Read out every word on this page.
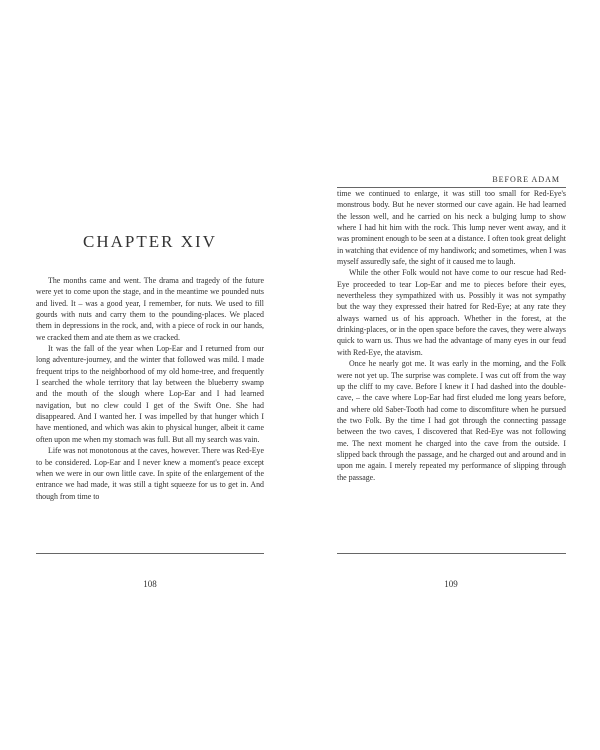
BEFORE ADAM
CHAPTER XIV

The months came and went. The drama and tragedy of the future were yet to come upon the stage, and in the meantime we pounded nuts and lived. It – was a good year, I remember, for nuts. We used to fill gourds with nuts and carry them to the pounding-places. We placed them in depressions in the rock, and, with a piece of rock in our hands, we cracked them and ate them as we cracked.

It was the fall of the year when Lop-Ear and I returned from our long adventure-journey, and the winter that followed was mild. I made frequent trips to the neighborhood of my old home-tree, and frequently I searched the whole territory that lay between the blueberry swamp and the mouth of the slough where Lop-Ear and I had learned navigation, but no clew could I get of the Swift One. She had disappeared. And I wanted her. I was impelled by that hunger which I have mentioned, and which was akin to physical hunger, albeit it came often upon me when my stomach was full. But all my search was vain.

Life was not monotonous at the caves, however. There was Red-Eye to be considered. Lop-Ear and I never knew a moment's peace except when we were in our own little cave. In spite of the enlargement of the entrance we had made, it was still a tight squeeze for us to get in. And though from time to

time we continued to enlarge, it was still too small for Red-Eye's monstrous body. But he never stormed our cave again. He had learned the lesson well, and he carried on his neck a bulging lump to show where I had hit him with the rock. This lump never went away, and it was prominent enough to be seen at a distance. I often took great delight in watching that evidence of my handiwork; and sometimes, when I was myself assuredly safe, the sight of it caused me to laugh.

While the other Folk would not have come to our rescue had Red-Eye proceeded to tear Lop-Ear and me to pieces before their eyes, nevertheless they sympathized with us. Possibly it was not sympathy but the way they expressed their hatred for Red-Eye; at any rate they always warned us of his approach. Whether in the forest, at the drinking-places, or in the open space before the caves, they were always quick to warn us. Thus we had the advantage of many eyes in our feud with Red-Eye, the atavism.

Once he nearly got me. It was early in the morning, and the Folk were not yet up. The surprise was complete. I was cut off from the way up the cliff to my cave. Before I knew it I had dashed into the double-cave, – the cave where Lop-Ear had first eluded me long years before, and where old Saber-Tooth had come to discomfiture when he pursued the two Folk. By the time I had got through the connecting passage between the two caves, I discovered that Red-Eye was not following me. The next moment he charged into the cave from the outside. I slipped back through the passage, and he charged out and around and in upon me again. I merely repeated my performance of slipping through the passage.

108	109
